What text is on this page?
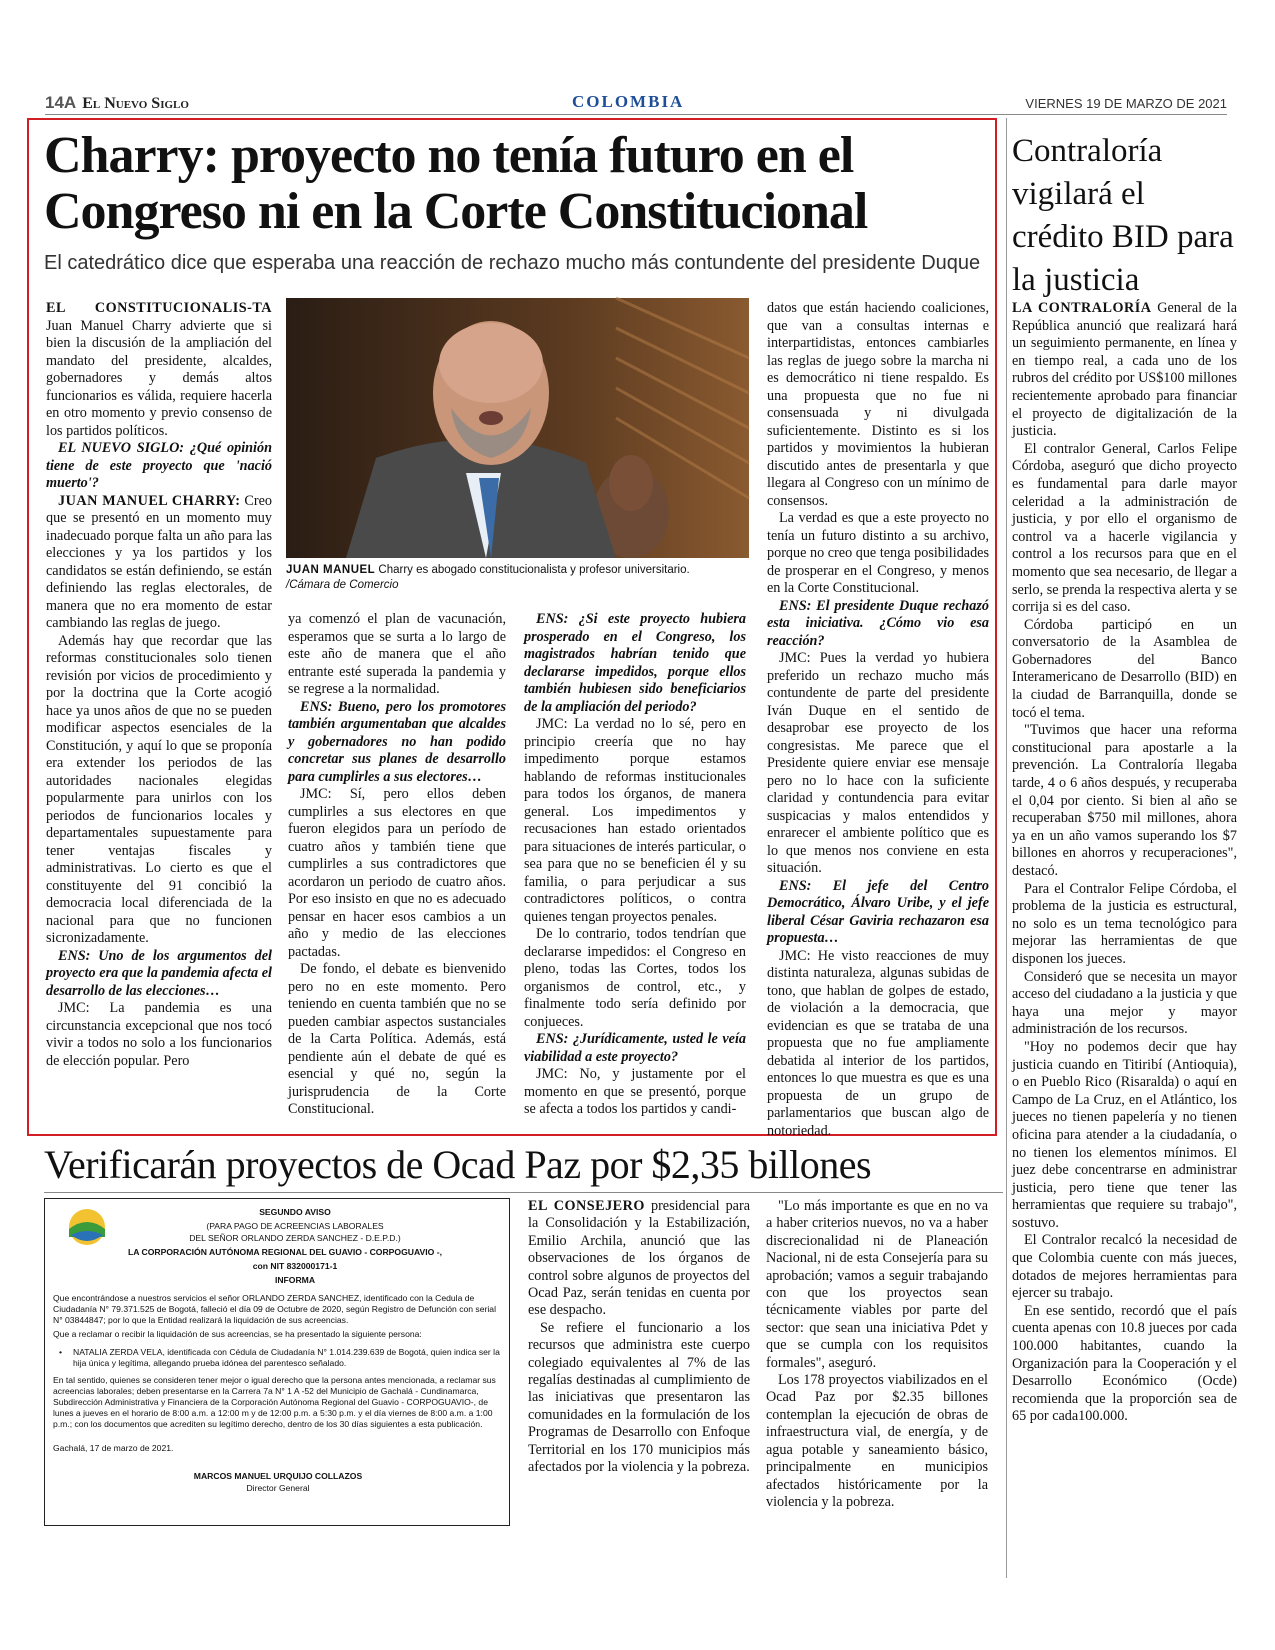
14A El Nuevo Siglo	COLOMBIA	VIERNES 19 DE MARZO DE 2021
Charry: proyecto no tenía futuro en el Congreso ni en la Corte Constitucional
El catedrático dice que esperaba una reacción de rechazo mucho más contundente del presidente Duque

EL CONSTITUCIONALIS-TA Juan Manuel Charry advierte que si bien la discusión de la ampliación del mandato del presidente, alcaldes, gobernadores y demás altos funcionarios es válida, requiere hacerla en otro momento y previo consenso de los partidos políticos.

EL NUEVO SIGLO: ¿Qué opinión tiene de este proyecto que 'nació muerto'?

JUAN MANUEL CHARRY: Creo que se presentó en un momento muy inadecuado porque falta un año para las elecciones y ya los partidos y los candidatos se están definiendo, se están definiendo las reglas electorales, de manera que no era momento de estar cambiando las reglas de juego.

Además hay que recordar que las reformas constitucionales solo tienen revisión por vicios de procedimiento y por la doctrina que la Corte acogió hace ya unos años de que no se pueden modificar aspectos esenciales de la Constitución, y aquí lo que se proponía era extender los periodos de las autoridades nacionales elegidas popularmente para unirlos con los periodos de funcionarios locales y departamentales supuestamente para tener ventajas fiscales y administrativas. Lo cierto es que el constituyente del 91 concibió la democracia local diferenciada de la nacional para que no funcionen sicronizadamente.

ENS: Uno de los argumentos del proyecto era que la pandemia afecta el desarrollo de las elecciones…

JMC: La pandemia es una circunstancia excepcional que nos tocó vivir a todos no solo a los funcionarios de elección popular. Pero

JUAN MANUEL Charry es abogado constitucionalista y profesor universitario.
/Cámara de Comercio

ya comenzó el plan de vacunación, esperamos que se surta a lo largo de este año de manera que el año entrante esté superada la pandemia y se regrese a la normalidad.

ENS: Bueno, pero los promotores también argumentaban que alcaldes y gobernadores no han podido concretar sus planes de desarrollo para cumplirles a sus electores…

JMC: Sí, pero ellos deben cumplirles a sus electores en que fueron elegidos para un período de cuatro años y también tiene que cumplirles a sus contradictores que acordaron un periodo de cuatro años. Por eso insisto en que no es adecuado pensar en hacer esos cambios a un año y medio de las elecciones pactadas.

De fondo, el debate es bienvenido pero no en este momento. Pero teniendo en cuenta también que no se pueden cambiar aspectos sustanciales de la Carta Política. Además, está pendiente aún el debate de qué es esencial y qué no, según la jurisprudencia de la Corte Constitucional.

ENS: ¿Si este proyecto hubiera prosperado en el Congreso, los magistrados habrían tenido que declararse impedidos, porque ellos también hubiesen sido beneficiarios de la ampliación del periodo?

JMC: La verdad no lo sé, pero en principio creería que no hay impedimento porque estamos hablando de reformas institucionales para todos los órganos, de manera general. Los impedimentos y recusaciones han estado orientados para situaciones de interés particular, o sea para que no se beneficien él y su familia, o para perjudicar a sus contradictores políticos, o contra quienes tengan proyectos penales.

De lo contrario, todos tendrían que declararse impedidos: el Congreso en pleno, todas las Cortes, todos los organismos de control, etc., y finalmente todo sería definido por conjueces.

ENS: ¿Jurídicamente, usted le veía viabilidad a este proyecto?

JMC: No, y justamente por el momento en que se presentó, porque se afecta a todos los partidos y candi-

datos que están haciendo coaliciones, que van a consultas internas e interpartidistas, entonces cambiarles las reglas de juego sobre la marcha ni es democrático ni tiene respaldo. Es una propuesta que no fue ni consensuada y ni divulgada suficientemente. Distinto es si los partidos y movimientos la hubieran discutido antes de presentarla y que llegara al Congreso con un mínimo de consensos.

La verdad es que a este proyecto no tenía un futuro distinto a su archivo, porque no creo que tenga posibilidades de prosperar en el Congreso, y menos en la Corte Constitucional.

ENS: El presidente Duque rechazó esta iniciativa. ¿Cómo vio esa reacción?

JMC: Pues la verdad yo hubiera preferido un rechazo mucho más contundente de parte del presidente Iván Duque en el sentido de desaprobar ese proyecto de los congresistas. Me parece que el Presidente quiere enviar ese mensaje pero no lo hace con la suficiente claridad y contundencia para evitar suspicacias y malos entendidos y enrarecer el ambiente político que es lo que menos nos conviene en esta situación.

ENS: El jefe del Centro Democrático, Álvaro Uribe, y el jefe liberal César Gaviria rechazaron esa propuesta…

JMC: He visto reacciones de muy distinta naturaleza, algunas subidas de tono, que hablan de golpes de estado, de violación a la democracia, que evidencian es que se trataba de una propuesta que no fue ampliamente debatida al interior de los partidos, entonces lo que muestra es que es una propuesta de un grupo de parlamentarios que buscan algo de notoriedad.

Contraloría vigilará el crédito BID para la justicia

LA CONTRALORÍA General de la República anunció que realizará hará un seguimiento permanente, en línea y en tiempo real, a cada uno de los rubros del crédito por US$100 millones recientemente aprobado para financiar el proyecto de digitalización de la justicia.

El contralor General, Carlos Felipe Córdoba, aseguró que dicho proyecto es fundamental para darle mayor celeridad a la administración de justicia, y por ello el organismo de control va a hacerle vigilancia y control a los recursos para que en el momento que sea necesario, de llegar a serlo, se prenda la respectiva alerta y se corrija si es del caso.

Córdoba participó en un conversatorio de la Asamblea de Gobernadores del Banco Interamericano de Desarrollo (BID) en la ciudad de Barranquilla, donde se tocó el tema.

"Tuvimos que hacer una reforma constitucional para apostarle a la prevención. La Contraloría llegaba tarde, 4 o 6 años después, y recuperaba el 0,04 por ciento. Si bien al año se recuperaban $750 mil millones, ahora ya en un año vamos superando los $7 billones en ahorros y recuperaciones", destacó.

Para el Contralor Felipe Córdoba, el problema de la justicia es estructural, no solo es un tema tecnológico para mejorar las herramientas de que disponen los jueces.

Consideró que se necesita un mayor acceso del ciudadano a la justicia y que haya una mejor y mayor administración de los recursos.

"Hoy no podemos decir que hay justicia cuando en Titiribí (Antioquia), o en Pueblo Rico (Risaralda) o aquí en Campo de La Cruz, en el Atlántico, los jueces no tienen papelería y no tienen oficina para atender a la ciudadanía, o no tienen los elementos mínimos. El juez debe concentrarse en administrar justicia, pero tiene que tener las herramientas que requiere su trabajo", sostuvo.

El Contralor recalcó la necesidad de que Colombia cuente con más jueces, dotados de mejores herramientas para ejercer su trabajo.

En ese sentido, recordó que el país cuenta apenas con 10.8 jueces por cada 100.000 habitantes, cuando la Organización para la Cooperación y el Desarrollo Económico (Ocde) recomienda que la proporción sea de 65 por cada100.000.

Verificarán proyectos de Ocad Paz por $2,35 billones
SEGUNDO AVISO
(PARA PAGO DE ACREENCIAS LABORALES
DEL SEÑOR ORLANDO ZERDA SANCHEZ - D.E.P.D.)
LA CORPORACIÓN AUTÓNOMA REGIONAL DEL GUAVIO - CORPOGUAVIO -,
con NIT 832000171-1
INFORMA
Que encontrándose a nuestros servicios el señor ORLANDO ZERDA SANCHEZ, identificado con la Cedula de Ciudadanía N° 79.371.525 de Bogotá, falleció el día 09 de Octubre de 2020, según Registro de Defunción con serial N° 03844847; por lo que la Entidad realizará la liquidación de sus acreencias.
Que a reclamar o recibir la liquidación de sus acreencias, se ha presentado la siguiente persona:
• NATALIA ZERDA VELA, identificada con Cédula de Ciudadanía N° 1.014.239.639 de Bogotá, quien indica ser la hija única y legítima, allegando prueba idónea del parentesco señalado.
En tal sentido, quienes se consideren tener mejor o igual derecho que la persona antes mencionada, a reclamar sus acreencias laborales; deben presentarse en la Carrera 7a N° 1 A -52 del Municipio de Gachalá - Cundinamarca, Subdirección Administrativa y Financiera de la Corporación Autónoma Regional del Guavio - CORPOGUAVIO-, de lunes a jueves en el horario de 8:00 a.m. a 12:00 m y de 12:00 p.m. a 5:30 p.m. y el día viernes de 8:00 a.m. a 1:00 p.m.; con los documentos que acrediten su legítimo derecho, dentro de los 30 días siguientes a esta publicación.
Gachalá, 17 de marzo de 2021.
MARCOS MANUEL URQUIJO COLLAZOS
Director General

EL CONSEJERO presidencial para la Consolidación y la Estabilización, Emilio Archila, anunció que las observaciones de los órganos de control sobre algunos de proyectos del Ocad Paz, serán tenidas en cuenta por ese despacho.

Se refiere el funcionario a los recursos que administra este cuerpo colegiado equivalentes al 7% de las regalías destinadas al cumplimiento de las iniciativas que presentaron las comunidades en la formulación de los Programas de Desarrollo con Enfoque Territorial en los 170 municipios más afectados por la violencia y la pobreza.

"Lo más importante es que en no va a haber criterios nuevos, no va a haber discrecionalidad ni de Planeación Nacional, ni de esta Consejería para su aprobación; vamos a seguir trabajando con que los proyectos sean técnicamente viables por parte del sector: que sean una iniciativa Pdet y que se cumpla con los requisitos formales", aseguró.

Los 178 proyectos viabilizados en el Ocad Paz por $2.35 billones contemplan la ejecución de obras de infraestructura vial, de energía, y de agua potable y saneamiento básico, principalmente en municipios afectados históricamente por la violencia y la pobreza.
